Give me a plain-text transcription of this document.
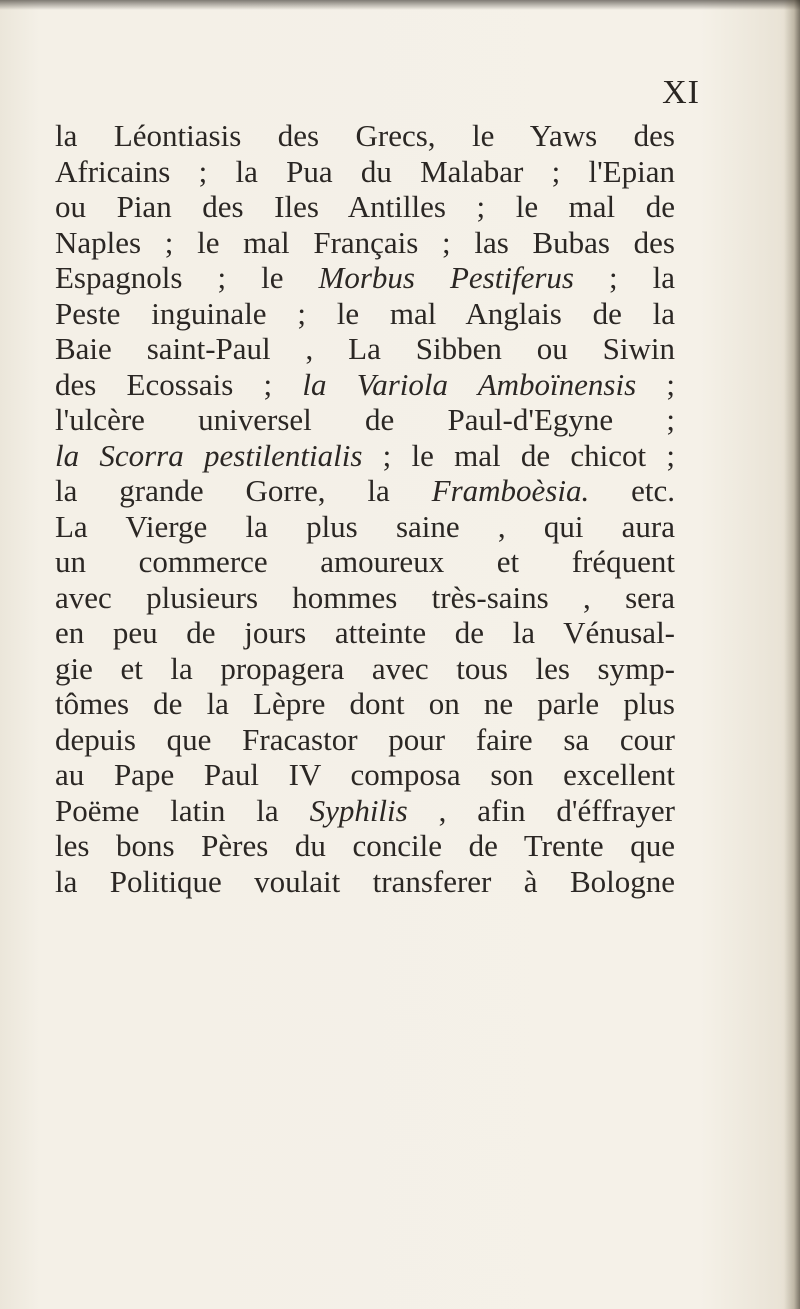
XI
la Léontiasis des Grecs, le Yaws des
Africains ; la Pua du Malabar ; l'Epian
ou Pian des Iles Antilles ; le mal de
Naples ; le mal Français ; las Bubas des
Espagnols ; le Morbus Pestiferus ; la
Peste inguinale ; le mal Anglais de la
Baie saint-Paul , La Sibben ou Siwin
des Ecossais ; la Variola Amboïnensis ;
l'ulcère universel de Paul-d'Egyne ;
la Scorra pestilentialis ; le mal de chicot ;
la grande Gorre, la Framboèsia. etc.
La Vierge la plus saine , qui aura
un commerce amoureux et fréquent
avec plusieurs hommes très-sains , sera
en peu de jours atteinte de la Vénusal-
gie et la propagera avec tous les symp-
tômes de la Lèpre dont on ne parle plus
depuis que Fracastor pour faire sa cour
au Pape Paul IV composa son excellent
Poëme latin la Syphilis , afin d'éffrayer
les bons Pères du concile de Trente que
la Politique voulait transferer à Bologne
